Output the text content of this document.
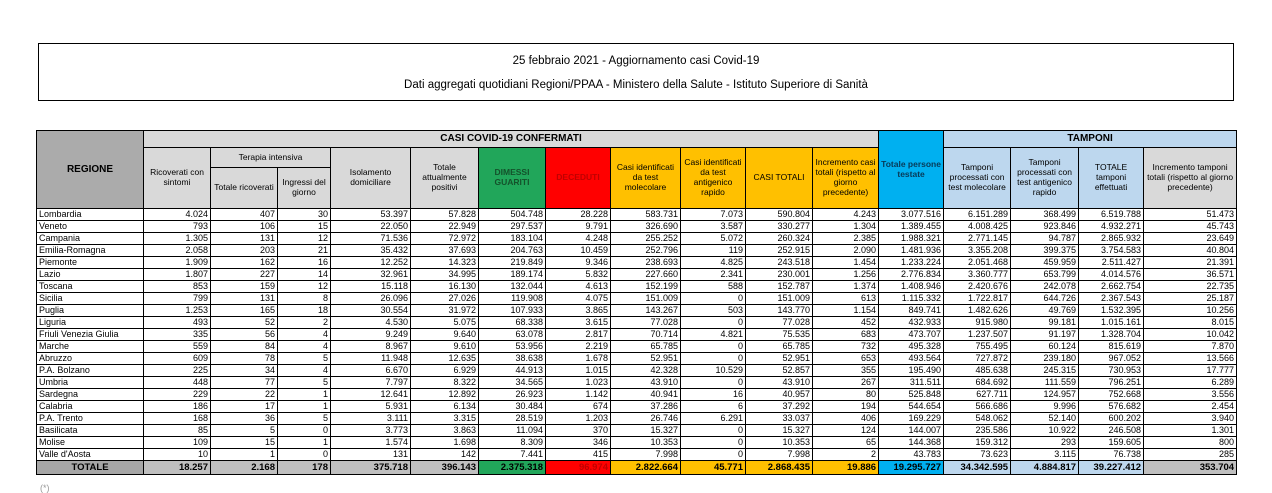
25 febbraio 2021 - Aggiornamento casi Covid-19
Dati aggregati quotidiani Regioni/PPAA - Ministero della Salute - Istituto Superiore di Sanità
REGIONE	CASI COVID-19 CONFERMATI											Totale persone testate	TAMPONI			
	Ricoverati con sintomi	Terapia intensiva		Isolamento domiciliare	Totale attualmente positivi	DIMESSI GUARITI	DECEDUTI	Casi identificati da test molecolare	Casi identificati da test antigenico rapido	CASI TOTALI	Incremento casi totali (rispetto al giorno precedente)		Tamponi processati con test molecolare	Tamponi processati con test antigenico rapido	TOTALE tamponi effettuati	Incremento tamponi totali (rispetto al giorno precedente)
		Totale ricoverati	Ingressi del giorno													
Lombardia	4.024	407	30	53.397	57.828	504.748	28.228	583.731	7.073	590.804	4.243	3.077.516	6.151.289	368.499	6.519.788	51.473
Veneto	793	106	15	22.050	22.949	297.537	9.791	326.690	3.587	330.277	1.304	1.389.455	4.008.425	923.846	4.932.271	45.743
Campania	1.305	131	12	71.536	72.972	183.104	4.248	255.252	5.072	260.324	2.385	1.988.321	2.771.145	94.787	2.865.932	23.649
Emilia-Romagna	2.058	203	21	35.432	37.693	204.763	10.459	252.796	119	252.915	2.090	1.481.936	3.355.208	399.375	3.754.583	40.804
Piemonte	1.909	162	16	12.252	14.323	219.849	9.346	238.693	4.825	243.518	1.454	1.233.224	2.051.468	459.959	2.511.427	21.391
Lazio	1.807	227	14	32.961	34.995	189.174	5.832	227.660	2.341	230.001	1.256	2.776.834	3.360.777	653.799	4.014.576	36.571
Toscana	853	159	12	15.118	16.130	132.044	4.613	152.199	588	152.787	1.374	1.408.946	2.420.676	242.078	2.662.754	22.735
Sicilia	799	131	8	26.096	27.026	119.908	4.075	151.009	0	151.009	613	1.115.332	1.722.817	644.726	2.367.543	25.187
Puglia	1.253	165	18	30.554	31.972	107.933	3.865	143.267	503	143.770	1.154	849.741	1.482.626	49.769	1.532.395	10.256
Liguria	493	52	2	4.530	5.075	68.338	3.615	77.028	0	77.028	452	432.933	915.980	99.181	1.015.161	8.015
Friuli Venezia Giulia	335	56	4	9.249	9.640	63.078	2.817	70.714	4.821	75.535	683	473.707	1.237.507	91.197	1.328.704	10.042
Marche	559	84	4	8.967	9.610	53.956	2.219	65.785	0	65.785	732	495.328	755.495	60.124	815.619	7.870
Abruzzo	609	78	5	11.948	12.635	38.638	1.678	52.951	0	52.951	653	493.564	727.872	239.180	967.052	13.566
P.A. Bolzano	225	34	4	6.670	6.929	44.913	1.015	42.328	10.529	52.857	355	195.490	485.638	245.315	730.953	17.777
Umbria	448	77	5	7.797	8.322	34.565	1.023	43.910	0	43.910	267	311.511	684.692	111.559	796.251	6.289
Sardegna	229	22	1	12.641	12.892	26.923	1.142	40.941	16	40.957	80	525.848	627.711	124.957	752.668	3.556
Calabria	186	17	1	5.931	6.134	30.484	674	37.286	6	37.292	194	544.654	566.686	9.996	576.682	2.454
P.A. Trento	168	36	5	3.111	3.315	28.519	1.203	26.746	6.291	33.037	406	169.229	548.062	52.140	600.202	3.940
Basilicata	85	5	0	3.773	3.863	11.094	370	15.327	0	15.327	124	144.007	235.586	10.922	246.508	1.301
Molise	109	15	1	1.574	1.698	8.309	346	10.353	0	10.353	65	144.368	159.312	293	159.605	800
Valle d'Aosta	10	1	0	131	142	7.441	415	7.998	0	7.998	2	43.783	73.623	3.115	76.738	285
TOTALE	18.257	2.168	178	375.718	396.143	2.375.318	96.974	2.822.664	45.771	2.868.435	19.886	19.295.727	34.342.595	4.884.817	39.227.412	353.704
(*)
